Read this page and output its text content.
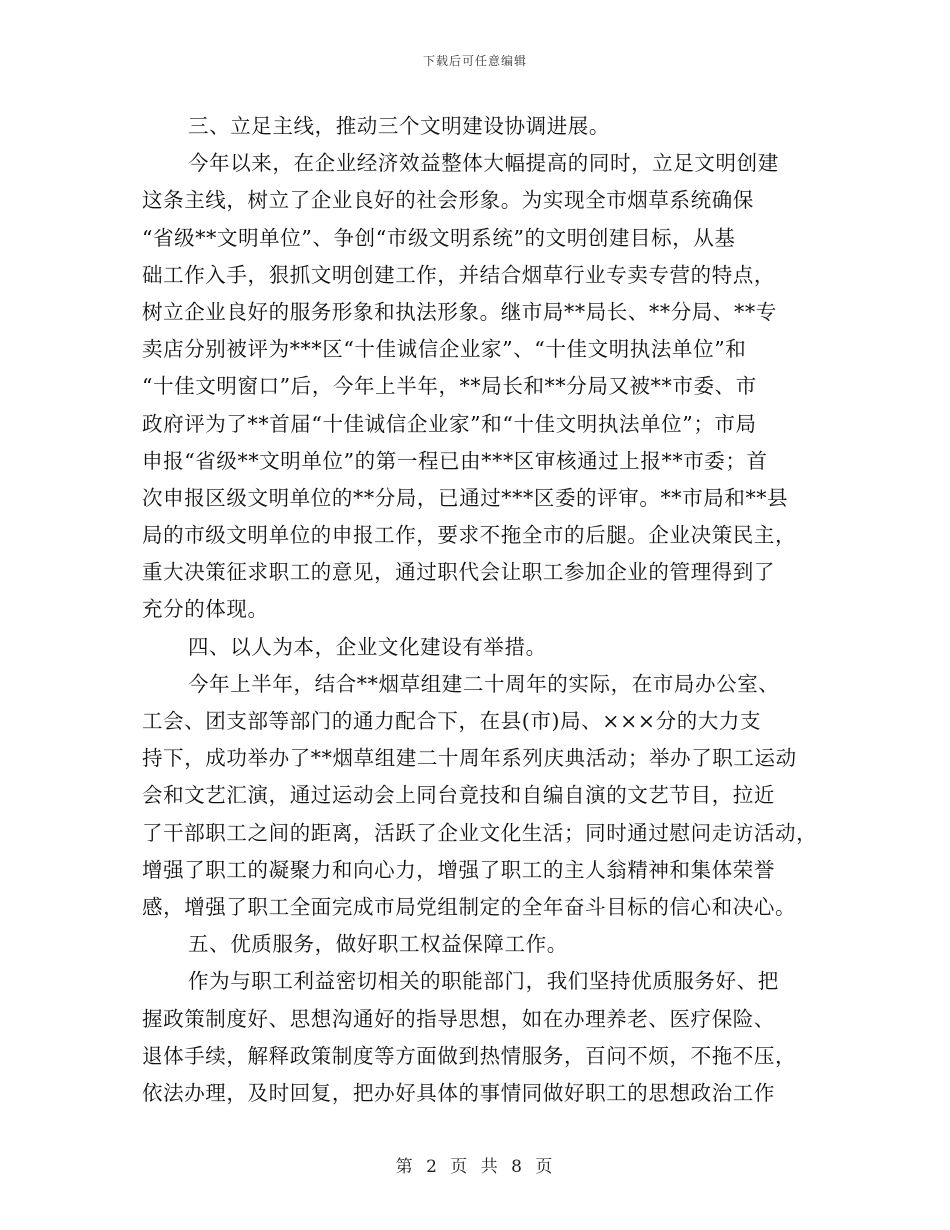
下载后可任意编辑
三、立足主线，推动三个文明建设协调进展。
今年以来，在企业经济效益整体大幅提高的同时，立足文明创建
这条主线，树立了企业良好的社会形象。为实现全市烟草系统确保
“省级**文明单位”、争创“市级文明系统”的文明创建目标，从基
础工作入手，狠抓文明创建工作，并结合烟草行业专卖专营的特点，
树立企业良好的服务形象和执法形象。继市局**局长、**分局、**专
卖店分别被评为***区“十佳诚信企业家”、“十佳文明执法单位”和
“十佳文明窗口”后，今年上半年，**局长和**分局又被**市委、市
政府评为了**首届“十佳诚信企业家”和“十佳文明执法单位”；市局
申报“省级**文明单位”的第一程已由***区审核通过上报**市委；首
次申报区级文明单位的**分局，已通过***区委的评审。**市局和**县
局的市级文明单位的申报工作，要求不拖全市的后腿。企业决策民主，
重大决策征求职工的意见，通过职代会让职工参加企业的管理得到了
充分的体现。
四、以人为本，企业文化建设有举措。
今年上半年，结合**烟草组建二十周年的实际，在市局办公室、
工会、团支部等部门的通力配合下，在县(市)局、×××分的大力支
持下，成功举办了**烟草组建二十周年系列庆典活动；举办了职工运动
会和文艺汇演，通过运动会上同台竟技和自编自演的文艺节目，拉近
了干部职工之间的距离，活跃了企业文化生活；同时通过慰问走访活动，
增强了职工的凝聚力和向心力，增强了职工的主人翁精神和集体荣誉
感，增强了职工全面完成市局党组制定的全年奋斗目标的信心和决心。
五、优质服务，做好职工权益保障工作。
作为与职工利益密切相关的职能部门，我们坚持优质服务好、把
握政策制度好、思想沟通好的指导思想，如在办理养老、医疗保险、
退体手续，解释政策制度等方面做到热情服务，百问不烦，不拖不压，
依法办理，及时回复，把办好具体的事情同做好职工的思想政治工作
第 2 页 共 8 页
